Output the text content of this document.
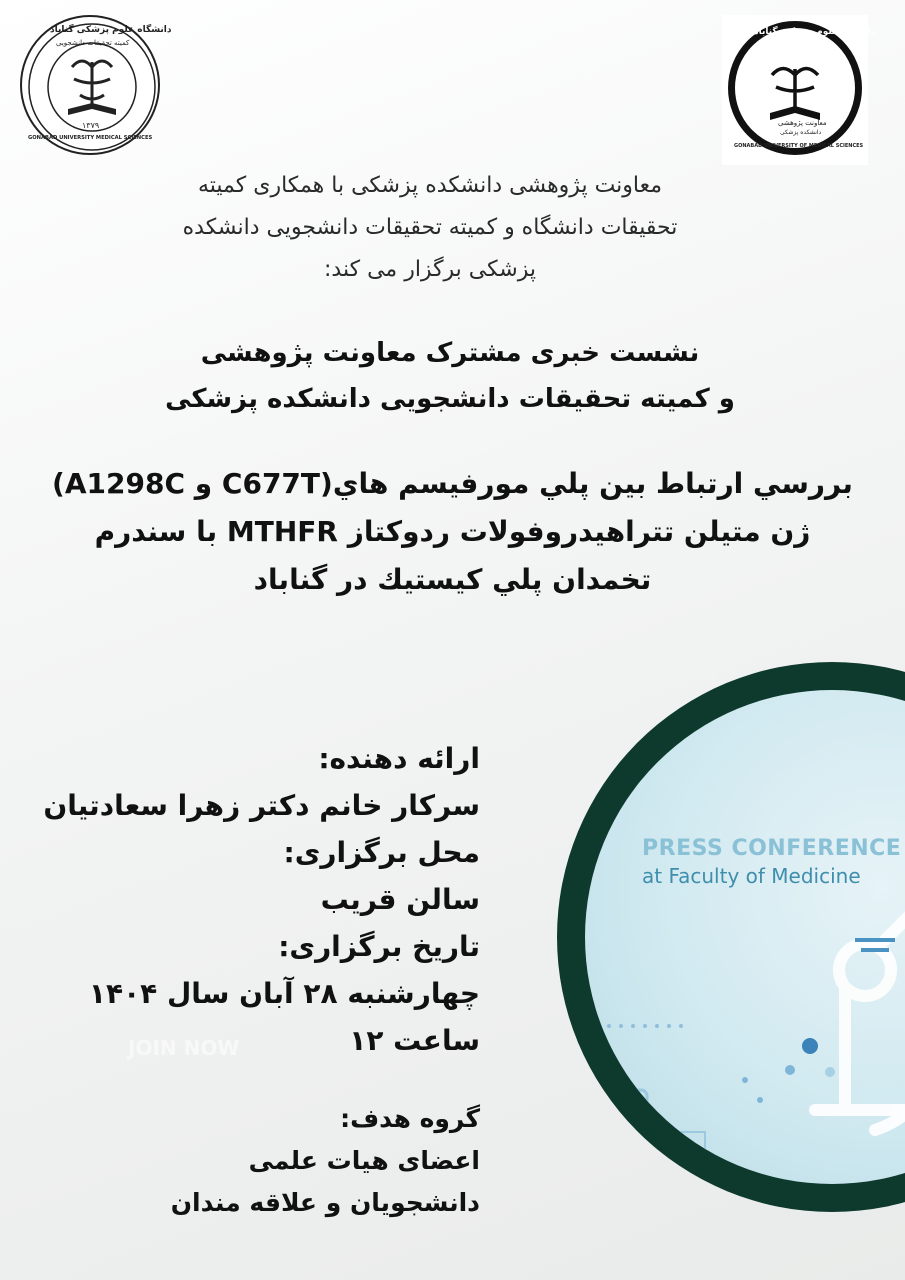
دانشگاه علوم پزشکی گناباد
کمیته تحقیقات دانشجویی
۱۳۷۹
GONABAD UNIVERSITY MEDICAL SCIENCES
دانشگاه علوم پزشکی گناباد
معاونت پژوهشی
دانشکده پزشکی
GONABAD UNIVERSITY OF MEDICAL SCIENCES
معاونت پژوهشی دانشکده پزشکی با همکاری کمیته
تحقیقات دانشگاه و کمیته تحقیقات دانشجویی دانشکده
پزشکی برگزار می کند:
نشست خبری مشترک معاونت پژوهشی
و کمیته تحقیقات دانشجویی دانشکده پزشکی
بررسي ارتباط بين پلي مورفيسم هاي(C677T و A1298C)
ژن متيلن تتراهيدروفولات ردوكتاز MTHFR با سندرم
تخمدان پلي كيستيك در گناباد
PRESS CONFERENCE
at Faculty of Medicine
JOIN NOW
ارائه دهنده:
سرکار خانم دکتر زهرا سعادتیان
محل برگزاری:
سالن قریب
تاریخ برگزاری:
چهارشنبه ۲۸ آبان سال ۱۴۰۴
ساعت ۱۲
گروه هدف:
اعضای هیات علمی
دانشجویان و علاقه مندان
